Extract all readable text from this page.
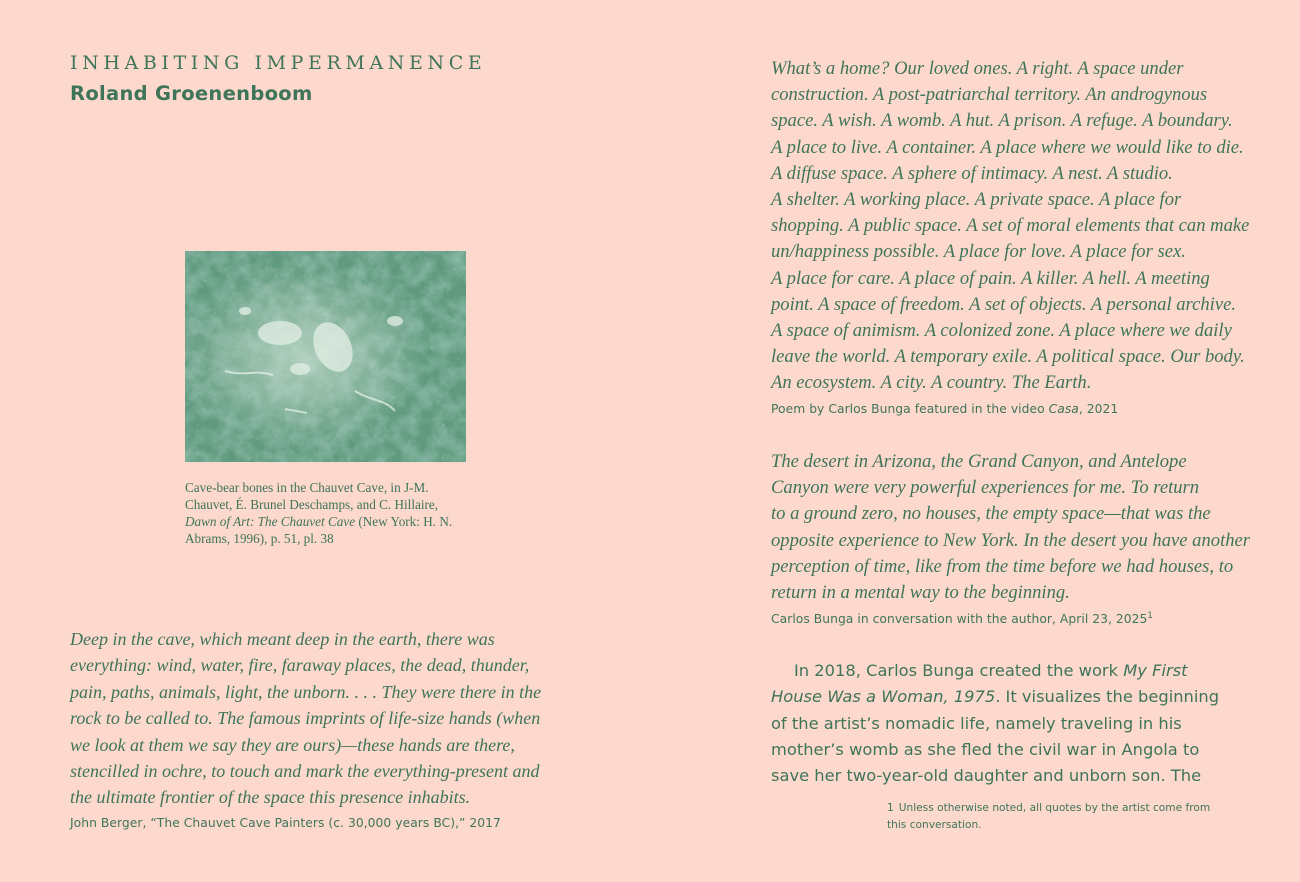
INHABITING IMPERMANENCE
Roland Groenenboom

Cave-bear bones in the Chauvet Cave, in J-M.
Chauvet, É. Brunel Deschamps, and C. Hillaire,
Dawn of Art: The Chauvet Cave (New York: H. N.
Abrams, 1996), p. 51, pl. 38

Deep in the cave, which meant deep in the earth, there was
everything: wind, water, fire, faraway places, the dead, thunder,
pain, paths, animals, light, the unborn. . . . They were there in the
rock to be called to. The famous imprints of life-size hands (when
we look at them we say they are ours)—these hands are there,
stencilled in ochre, to touch and mark the everything-present and
the ultimate frontier of the space this presence inhabits.

John Berger, “The Chauvet Cave Painters (c. 30,000 years BC),” 2017

What’s a home? Our loved ones. A right. A space under
construction. A post-patriarchal territory. An androgynous
space. A wish. A womb. A hut. A prison. A refuge. A boundary.
A place to live. A container. A place where we would like to die.
A diffuse space. A sphere of intimacy. A nest. A studio.
A shelter. A working place. A private space. A place for
shopping. A public space. A set of moral elements that can make
un/happiness possible. A place for love. A place for sex.
A place for care. A place of pain. A killer. A hell. A meeting
point. A space of freedom. A set of objects. A personal archive.
A space of animism. A colonized zone. A place where we daily
leave the world. A temporary exile. A political space. Our body.
An ecosystem. A city. A country. The Earth.

Poem by Carlos Bunga featured in the video Casa, 2021

The desert in Arizona, the Grand Canyon, and Antelope
Canyon were very powerful experiences for me. To return
to a ground zero, no houses, the empty space—that was the
opposite experience to New York. In the desert you have another
perception of time, like from the time before we had houses, to
return in a mental way to the beginning.

Carlos Bunga in conversation with the author, April 23, 2025$^1$

In 2018, Carlos Bunga created the work My First
House Was a Woman, 1975. It visualizes the beginning
of the artist’s nomadic life, namely traveling in his
mother’s womb as she fled the civil war in Angola to
save her two-year-old daughter and unborn son. The

1 Unless otherwise noted, all quotes by the artist come from
this conversation.
